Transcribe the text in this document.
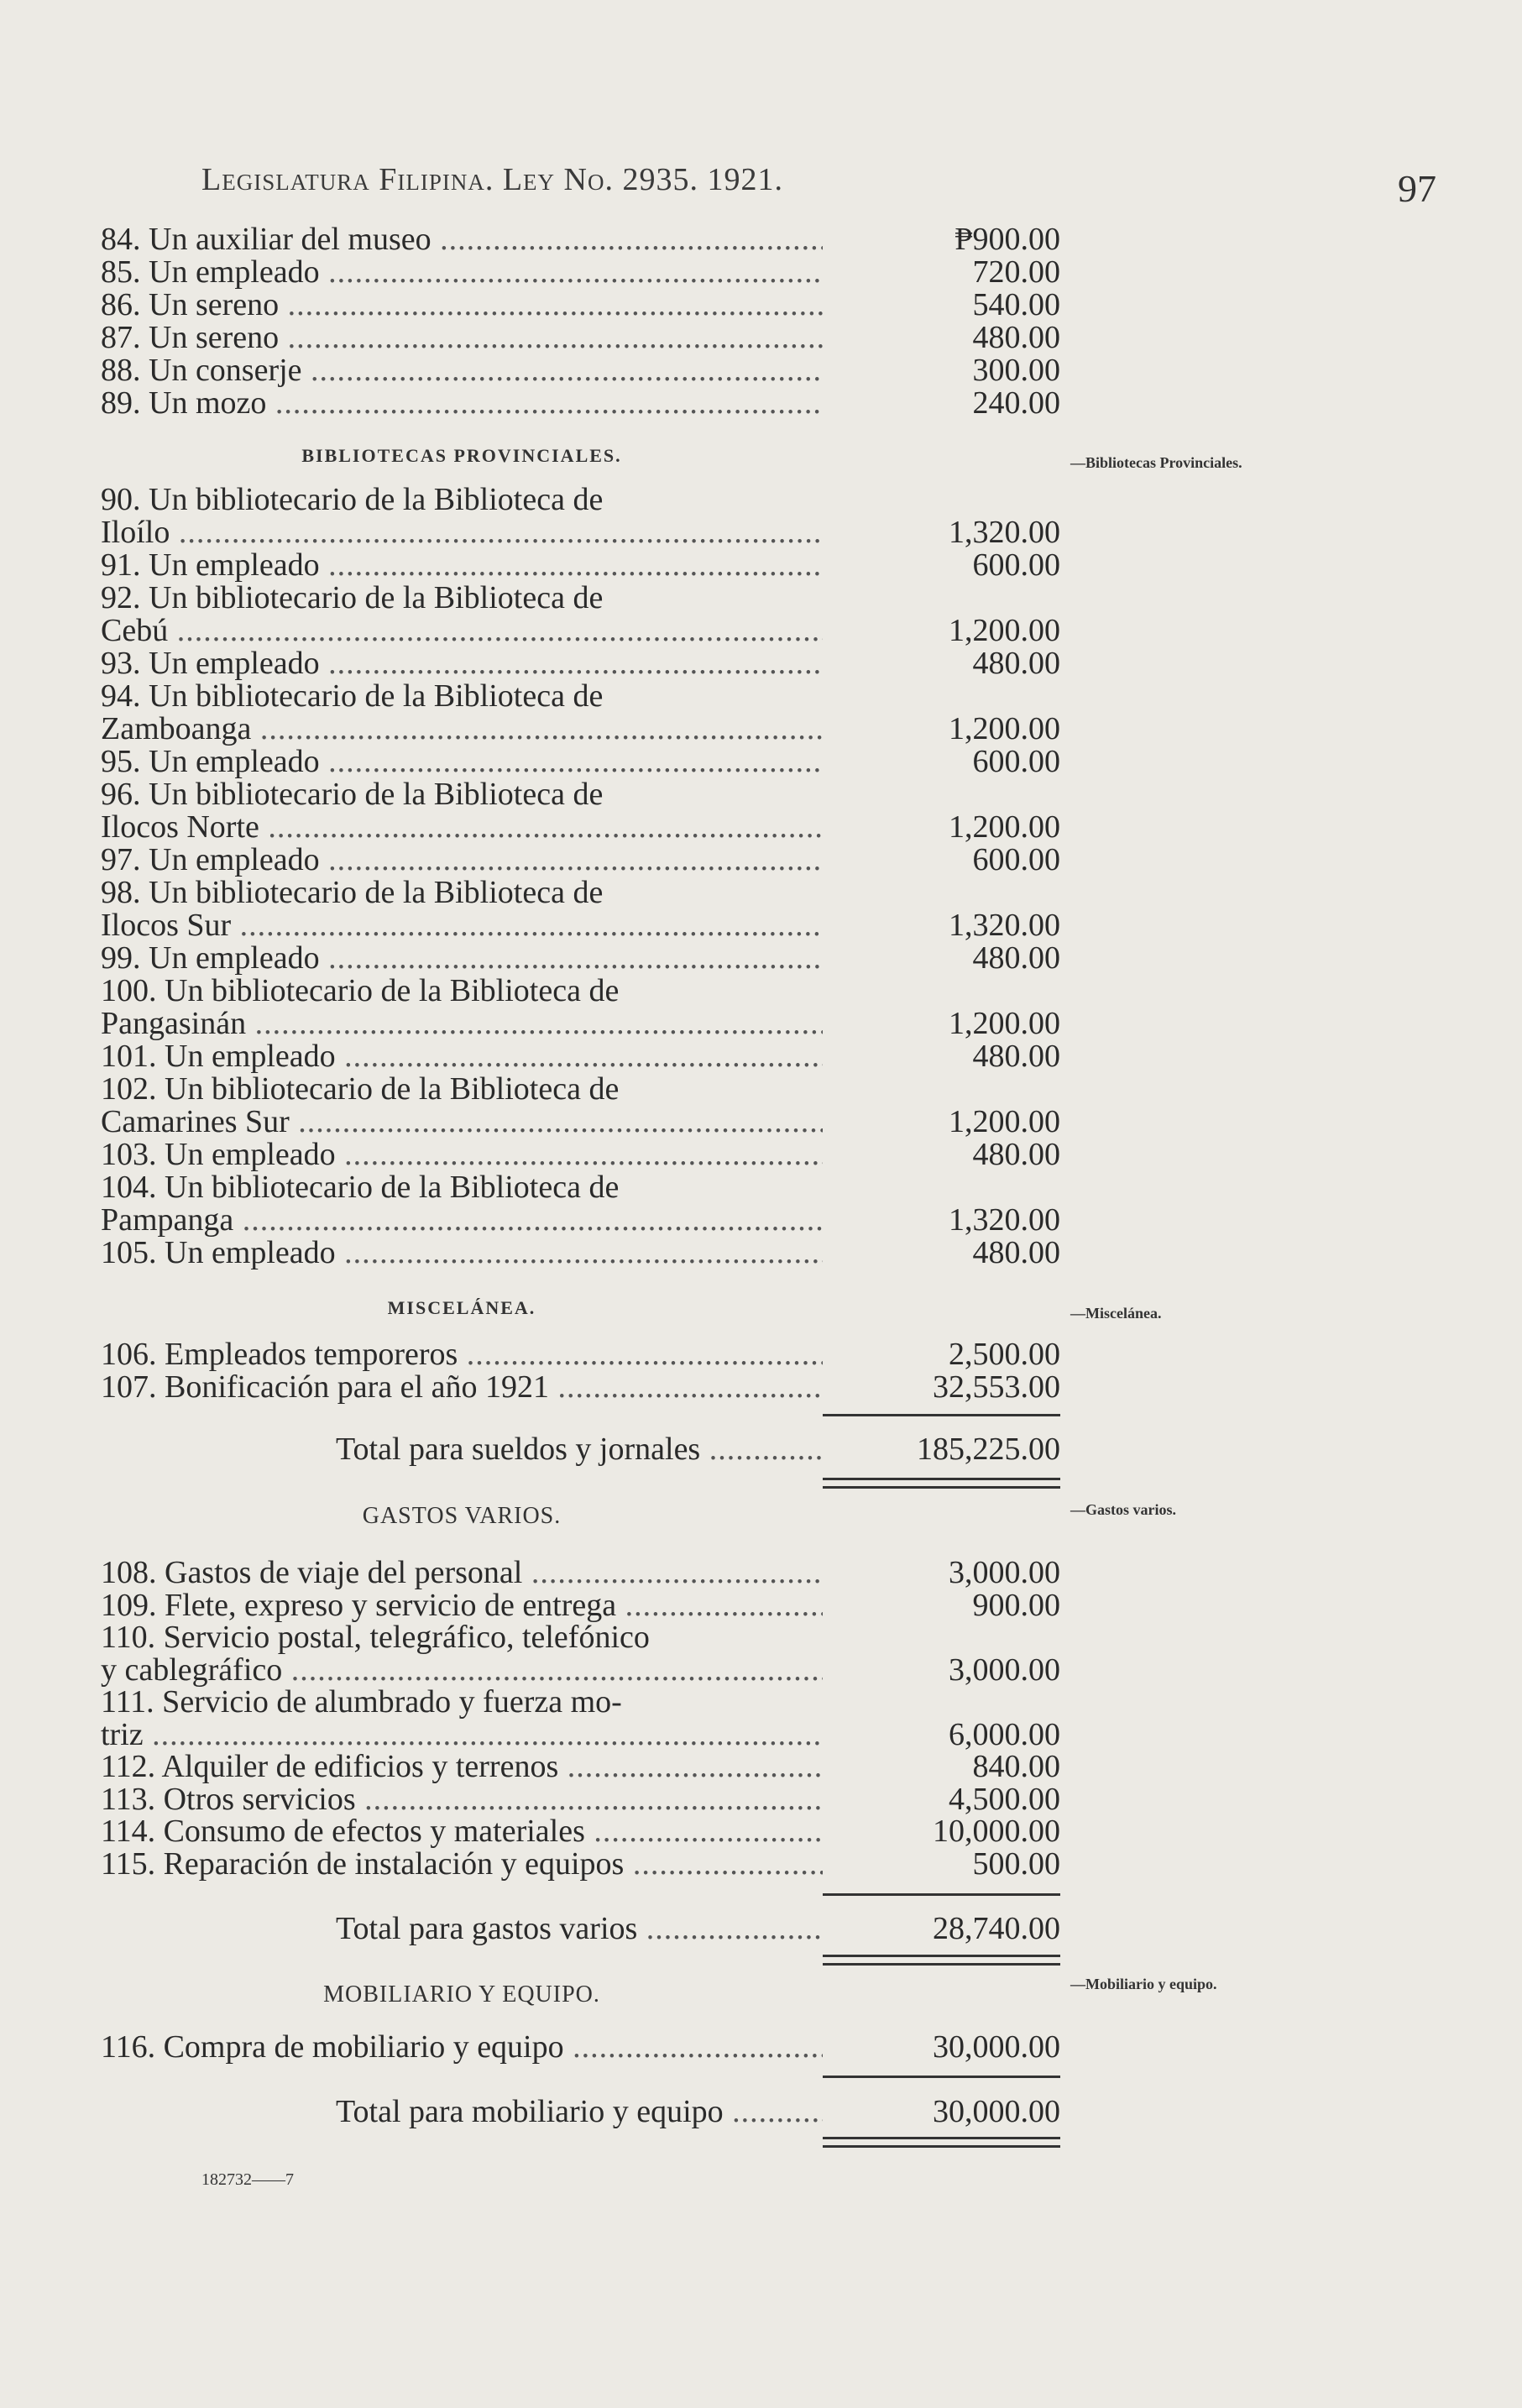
Legislatura Filipina. Ley No. 2935. 1921.	97
84. Un auxiliar del museo .....	₱900.00
85. Un empleado .....	720.00
86. Un sereno .....	540.00
87. Un sereno .....	480.00
88. Un conserje .....	300.00
89. Un mozo .....	240.00
BIBLIOTECAS PROVINCIALES.
90. Un bibliotecario de la Biblioteca de
Iloílo .....	1,320.00
91. Un empleado .....	600.00
92. Un bibliotecario de la Biblioteca de
Cebú .....	1,200.00
93. Un empleado .....	480.00
94. Un bibliotecario de la Biblioteca de
Zamboanga .....	1,200.00
95. Un empleado .....	600.00
96. Un bibliotecario de la Biblioteca de
Ilocos Norte .....	1,200.00
97. Un empleado .....	600.00
98. Un bibliotecario de la Biblioteca de
Ilocos Sur .....	1,320.00
99. Un empleado .....	480.00
100. Un bibliotecario de la Biblioteca de
Pangasinán .....	1,200.00
101. Un empleado .....	480.00
102. Un bibliotecario de la Biblioteca de
Camarines Sur .....	1,200.00
103. Un empleado .....	480.00
104. Un bibliotecario de la Biblioteca de
Pampanga .....	1,320.00
105. Un empleado .....	480.00
MISCELÁNEA.
106. Empleados temporeros .....	2,500.00
107. Bonificación para el año 1921 .....	32,553.00
Total para sueldos y jornales .....	185,225.00
GASTOS VARIOS.
108. Gastos de viaje del personal .....	3,000.00
109. Flete, expreso y servicio de entrega .....	900.00
110. Servicio postal, telegráfico, telefónico
y cablegráfico .....	3,000.00
111. Servicio de alumbrado y fuerza mo-
triz .....	6,000.00
112. Alquiler de edificios y terrenos .....	840.00
113. Otros servicios .....	4,500.00
114. Consumo de efectos y materiales .....	10,000.00
115. Reparación de instalación y equipos .....	500.00
Total para gastos varios .....	28,740.00
MOBILIARIO Y EQUIPO.
116. Compra de mobiliario y equipo .....	30,000.00
Total para mobiliario y equipo .....	30,000.00
—Bibliotecas Provinciales.
—Miscelánea.
—Gastos varios.
—Mobiliario y equipo.
182732——7
